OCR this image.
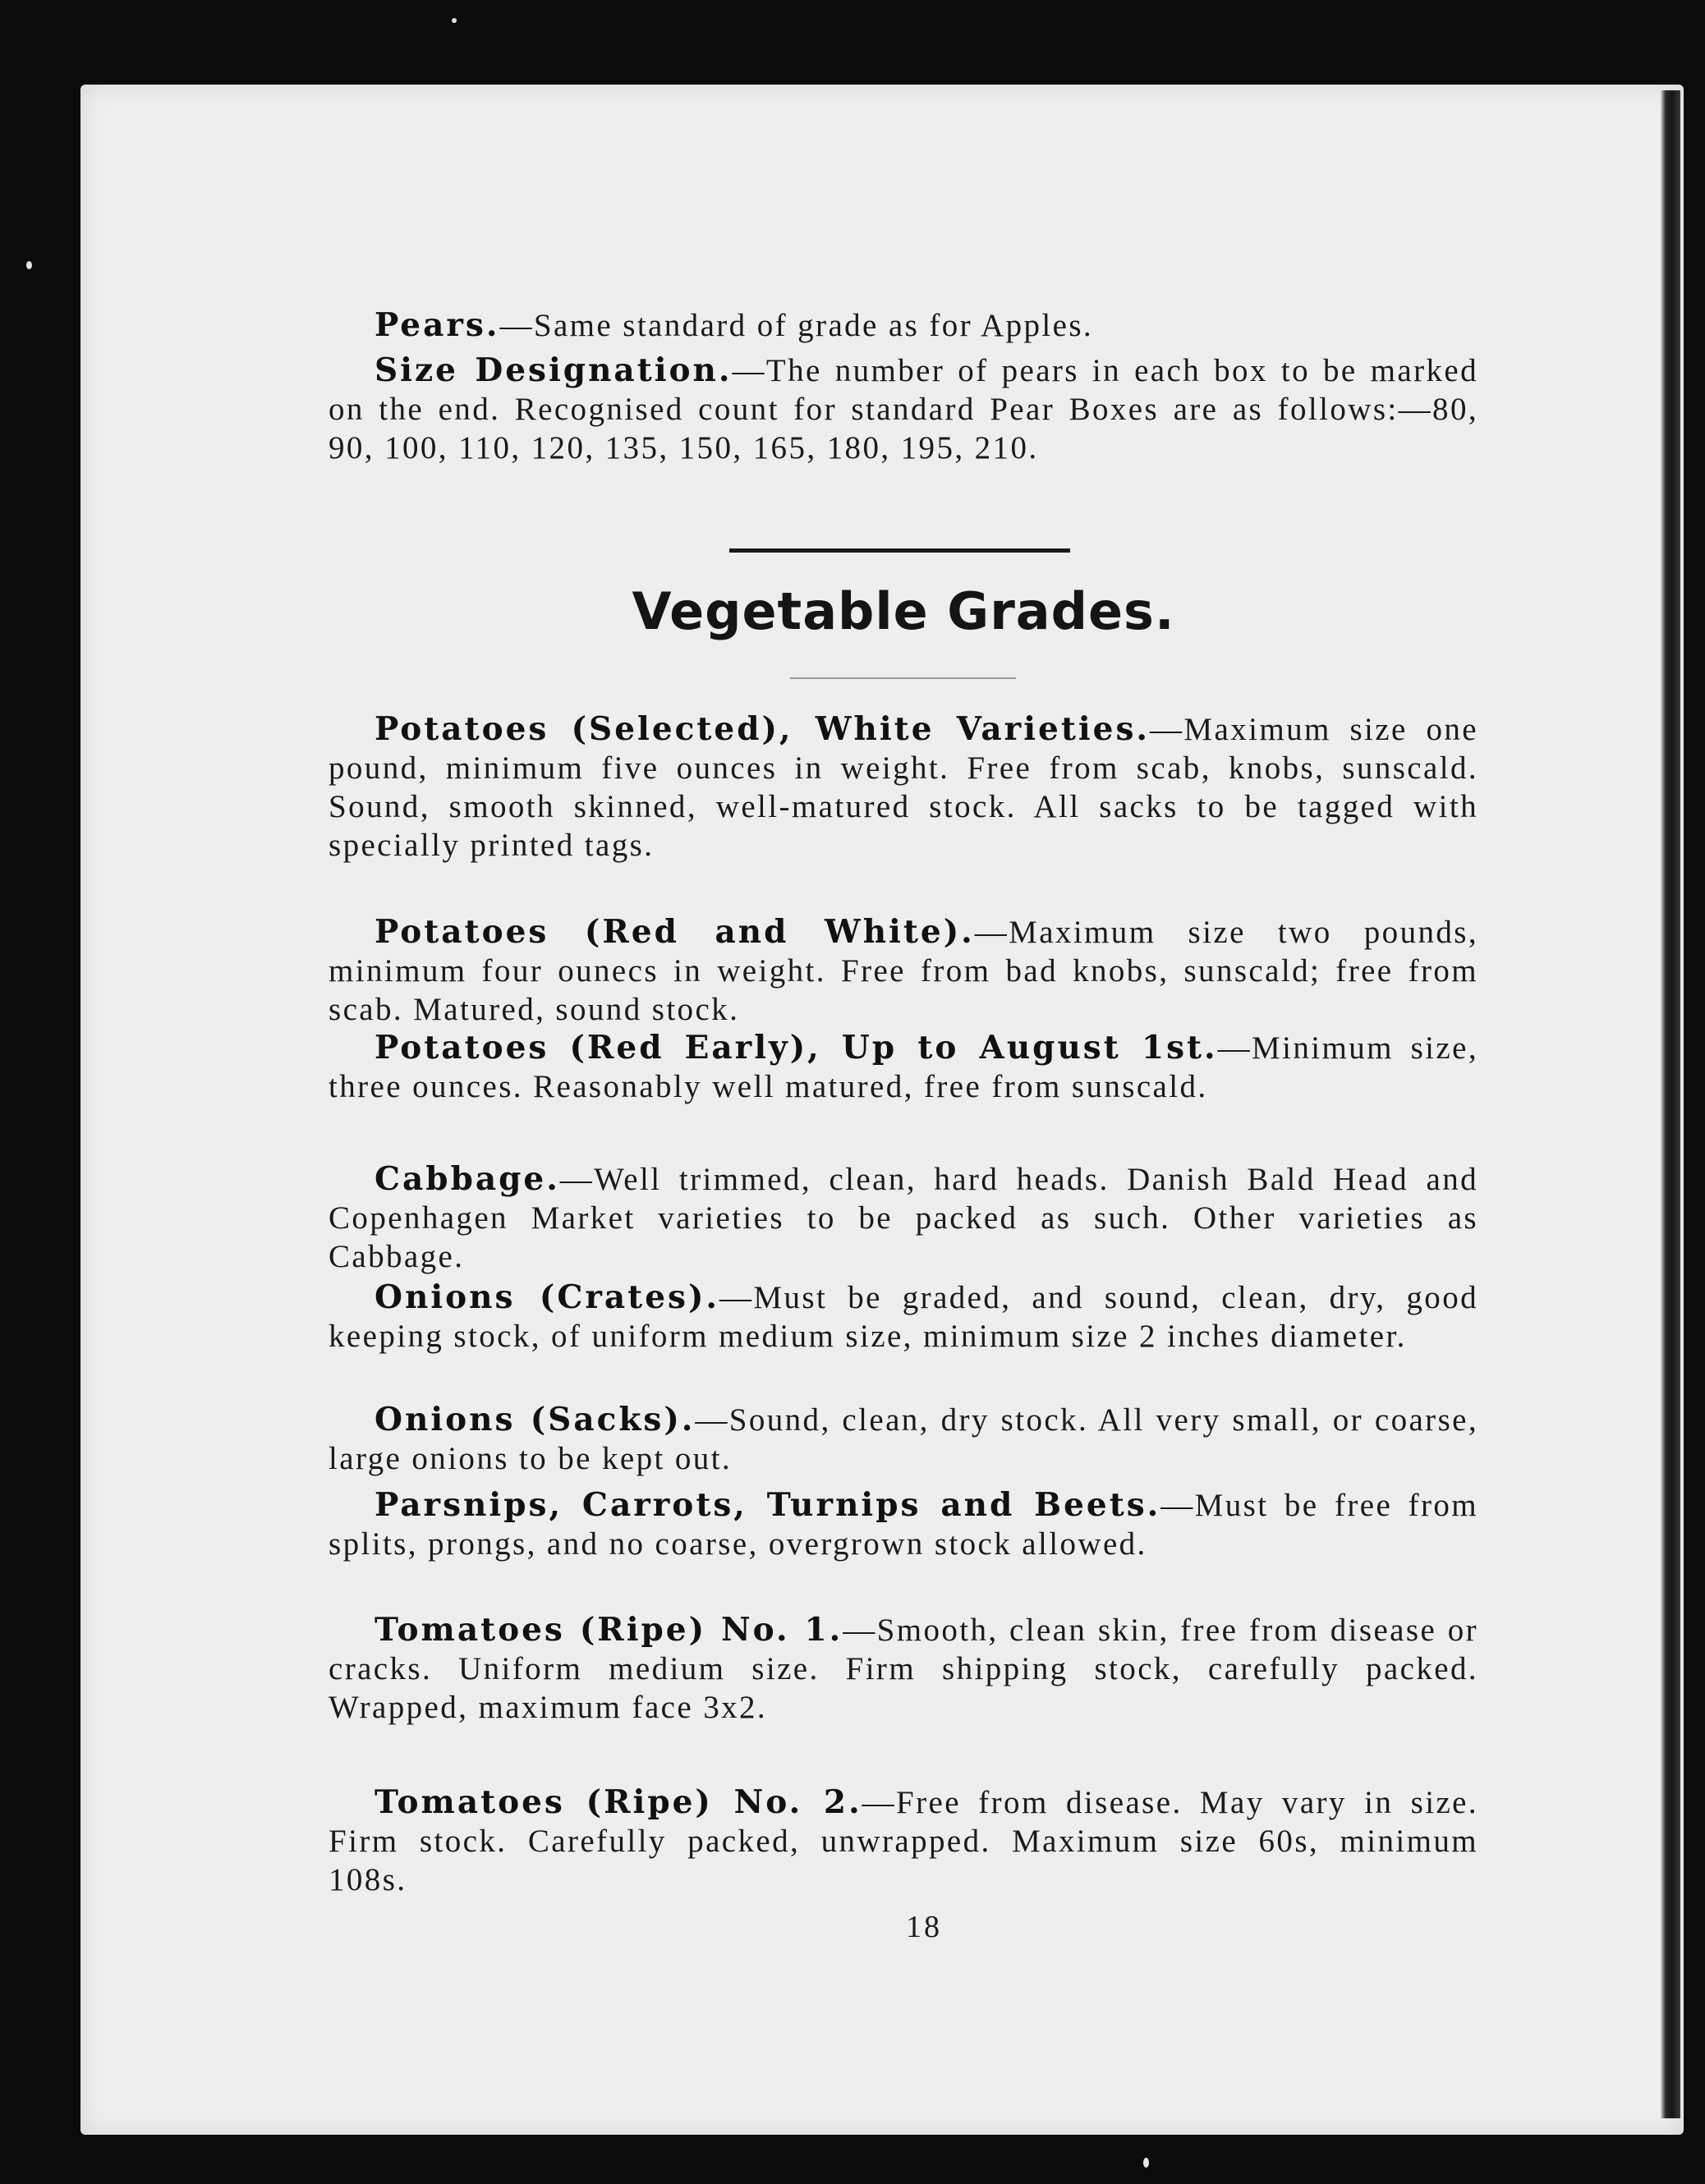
Pears.—Same standard of grade as for Apples.

Size Designation.—The number of pears in each box to be marked on the end. Recognised count for standard Pear Boxes are as follows:—80, 90, 100, 110, 120, 135, 150, 165, 180, 195, 210.

Vegetable Grades.

Potatoes (Selected), White Varieties.—Maximum size one pound, minimum five ounces in weight. Free from scab, knobs, sunscald. Sound, smooth skinned, well-matured stock. All sacks to be tagged with specially printed tags.

Potatoes (Red and White).—Maximum size two pounds, minimum four ounecs in weight. Free from bad knobs, sunscald; free from scab. Matured, sound stock.

Potatoes (Red Early), Up to August 1st.—Minimum size, three ounces. Reasonably well matured, free from sunscald.

Cabbage.—Well trimmed, clean, hard heads. Danish Bald Head and Copenhagen Market varieties to be packed as such. Other varieties as Cabbage.

Onions (Crates).—Must be graded, and sound, clean, dry, good keeping stock, of uniform medium size, minimum size 2 inches diameter.

Onions (Sacks).—Sound, clean, dry stock. All very small, or coarse, large onions to be kept out.

Parsnips, Carrots, Turnips and Beets.—Must be free from splits, prongs, and no coarse, overgrown stock allowed.

Tomatoes (Ripe) No. 1.—Smooth, clean skin, free from disease or cracks. Uniform medium size. Firm shipping stock, carefully packed. Wrapped, maximum face 3x2.

Tomatoes (Ripe) No. 2.—Free from disease. May vary in size. Firm stock. Carefully packed, unwrapped. Maximum size 60s, minimum 108s.

18
